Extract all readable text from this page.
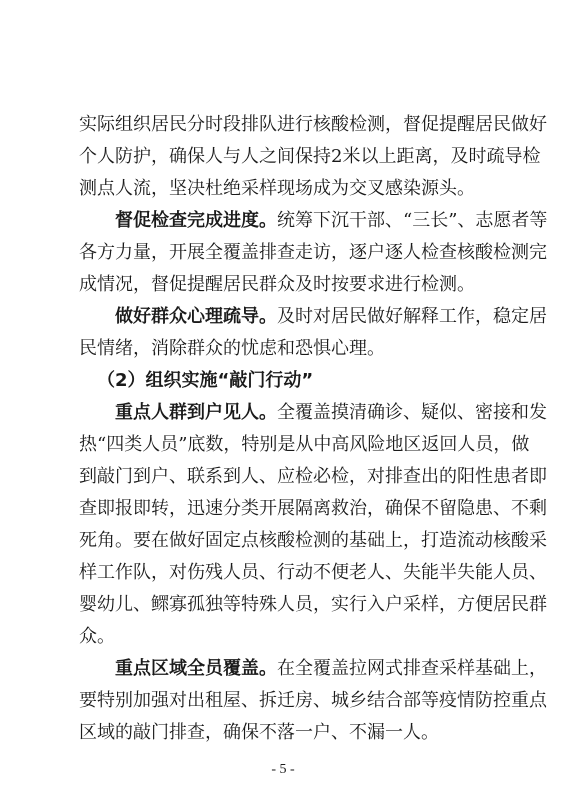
实际组织居民分时段排队进行核酸检测，督促提醒居民做好
个人防护，确保人与人之间保持2米以上距离，及时疏导检
测点人流，坚决杜绝采样现场成为交叉感染源头。
督促检查完成进度。统筹下沉干部、“三长”、志愿者等
各方力量，开展全覆盖排查走访，逐户逐人检查核酸检测完
成情况，督促提醒居民群众及时按要求进行检测。
做好群众心理疏导。及时对居民做好解释工作，稳定居
民情绪，消除群众的忧虑和恐惧心理。
（2）组织实施“敲门行动”
重点人群到户见人。全覆盖摸清确诊、疑似、密接和发
热“四类人员”底数，特别是从中高风险地区返回人员，做
到敲门到户、联系到人、应检必检，对排查出的阳性患者即
查即报即转，迅速分类开展隔离救治，确保不留隐患、不剩
死角。要在做好固定点核酸检测的基础上，打造流动核酸采
样工作队，对伤残人员、行动不便老人、失能半失能人员、
婴幼儿、鳏寡孤独等特殊人员，实行入户采样，方便居民群
众。
重点区域全员覆盖。在全覆盖拉网式排查采样基础上，
要特别加强对出租屋、拆迁房、城乡结合部等疫情防控重点
区域的敲门排查，确保不落一户、不漏一人。
- 5 -
